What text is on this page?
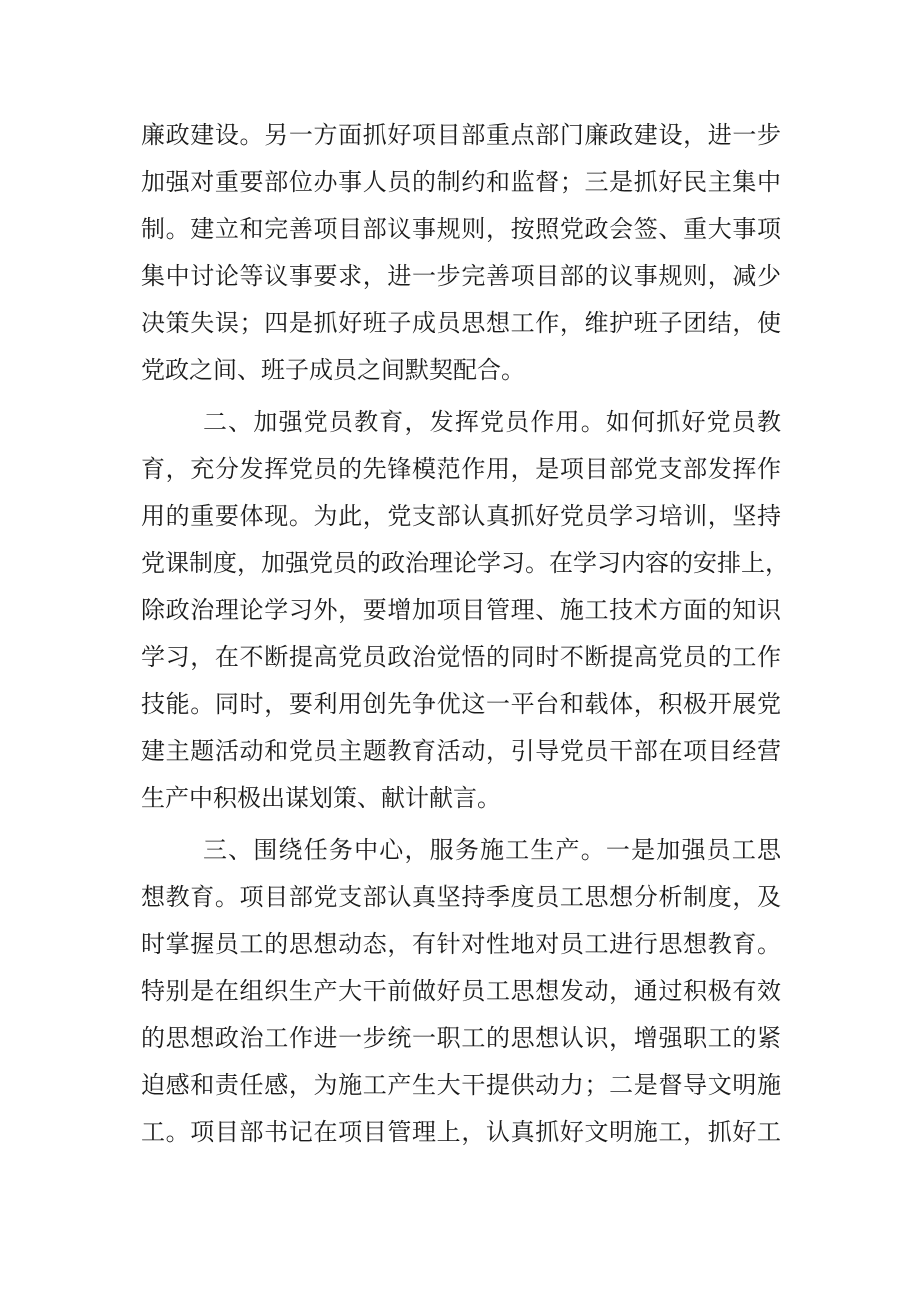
廉政建设。另一方面抓好项目部重点部门廉政建设，进一步
加强对重要部位办事人员的制约和监督；三是抓好民主集中
制。建立和完善项目部议事规则，按照党政会签、重大事项
集中讨论等议事要求，进一步完善项目部的议事规则，减少
决策失误；四是抓好班子成员思想工作，维护班子团结，使
党政之间、班子成员之间默契配合。
二、加强党员教育，发挥党员作用。如何抓好党员教
育，充分发挥党员的先锋模范作用，是项目部党支部发挥作
用的重要体现。为此，党支部认真抓好党员学习培训，坚持
党课制度，加强党员的政治理论学习。在学习内容的安排上，
除政治理论学习外，要增加项目管理、施工技术方面的知识
学习，在不断提高党员政治觉悟的同时不断提高党员的工作
技能。同时，要利用创先争优这一平台和载体，积极开展党
建主题活动和党员主题教育活动，引导党员干部在项目经营
生产中积极出谋划策、献计献言。
三、围绕任务中心，服务施工生产。一是加强员工思
想教育。项目部党支部认真坚持季度员工思想分析制度，及
时掌握员工的思想动态，有针对性地对员工进行思想教育。
特别是在组织生产大干前做好员工思想发动，通过积极有效
的思想政治工作进一步统一职工的思想认识，增强职工的紧
迫感和责任感，为施工产生大干提供动力；二是督导文明施
工。项目部书记在项目管理上，认真抓好文明施工，抓好工
